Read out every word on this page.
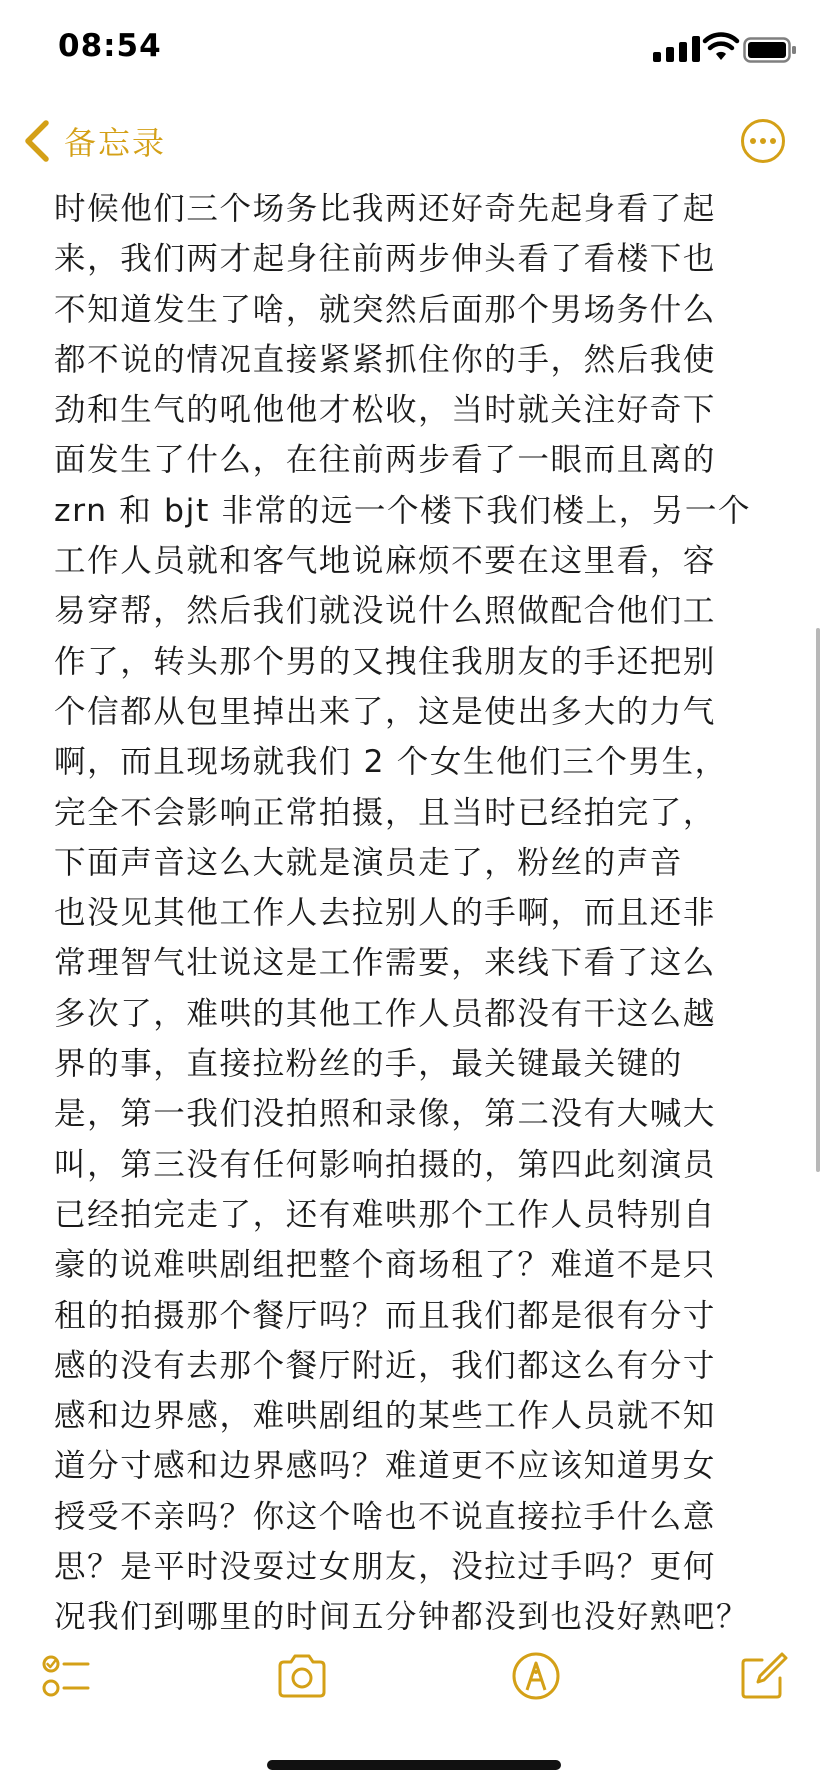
08:54
备忘录
时候他们三个场务比我两还好奇先起身看了起
来，我们两才起身往前两步伸头看了看楼下也
不知道发生了啥，就突然后面那个男场务什么
都不说的情况直接紧紧抓住你的手，然后我使
劲和生气的吼他他才松收，当时就关注好奇下
面发生了什么，在往前两步看了一眼而且离的
zrn 和 bjt 非常的远一个楼下我们楼上，另一个
工作人员就和客气地说麻烦不要在这里看，容
易穿帮，然后我们就没说什么照做配合他们工
作了，转头那个男的又拽住我朋友的手还把别
个信都从包里掉出来了，这是使出多大的力气
啊，而且现场就我们 2 个女生他们三个男生，
完全不会影响正常拍摄，且当时已经拍完了，
下面声音这么大就是演员走了，粉丝的声音
也没见其他工作人去拉别人的手啊，而且还非
常理智气壮说这是工作需要，来线下看了这么
多次了，难哄的其他工作人员都没有干这么越
界的事，直接拉粉丝的手，最关键最关键的
是，第一我们没拍照和录像，第二没有大喊大
叫，第三没有任何影响拍摄的，第四此刻演员
已经拍完走了，还有难哄那个工作人员特别自
豪的说难哄剧组把整个商场租了？难道不是只
租的拍摄那个餐厅吗？而且我们都是很有分寸
感的没有去那个餐厅附近，我们都这么有分寸
感和边界感，难哄剧组的某些工作人员就不知
道分寸感和边界感吗？难道更不应该知道男女
授受不亲吗？你这个啥也不说直接拉手什么意
思？是平时没耍过女朋友，没拉过手吗？更何
况我们到哪里的时间五分钟都没到也没好熟吧？
